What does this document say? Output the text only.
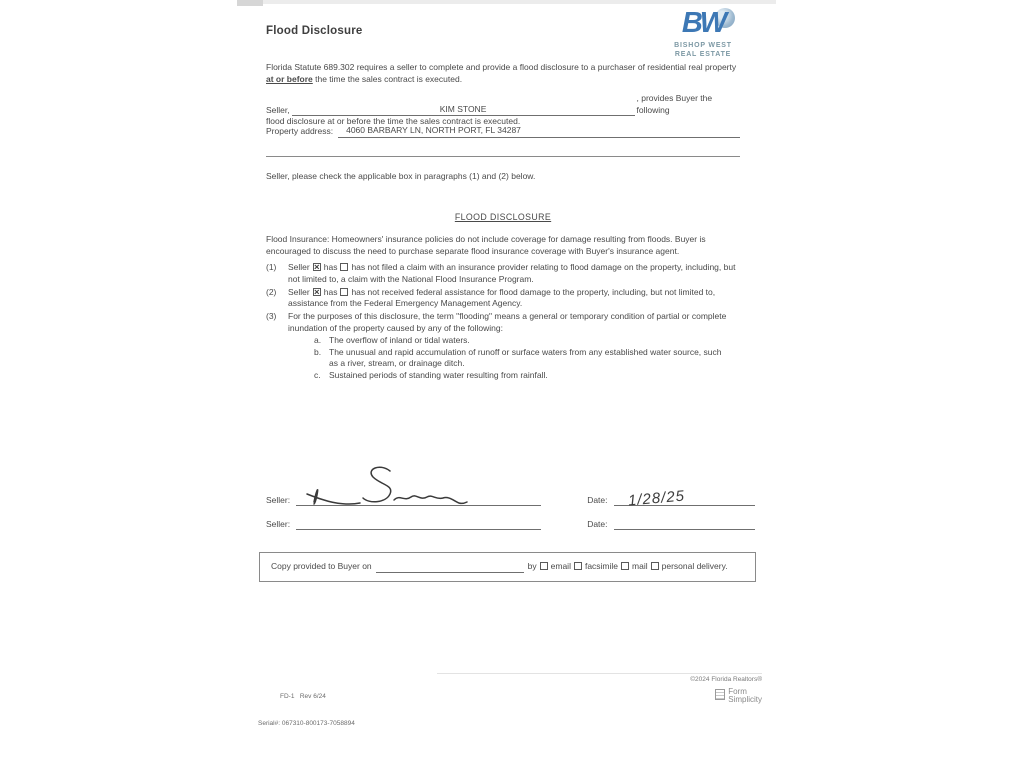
Flood Disclosure	BW
BISHOP WEST
REAL ESTATE
Florida Statute 689.302 requires a seller to complete and provide a flood disclosure to a purchaser of residential real property at or before the time the sales contract is executed.
Seller,	KIM STONE
, provides Buyer the following
flood disclosure at or before the time the sales contract is executed.
Property address:	4060 BARBARY LN, NORTH PORT, FL 34287
Seller, please check the applicable box in paragraphs (1) and (2) below.
FLOOD DISCLOSURE
Flood Insurance: Homeowners' insurance policies do not include coverage for damage resulting from floods. Buyer is encouraged to discuss the need to purchase separate flood insurance coverage with Buyer's insurance agent.
(1)	Seller × has has not filed a claim with an insurance provider relating to flood damage on the property, including, but not limited to, a claim with the National Flood Insurance Program.
(2)	Seller × has has not received federal assistance for flood damage to the property, including, but not limited to, assistance from the Federal Emergency Management Agency.
(3)	For the purposes of this disclosure, the term "flooding" means a general or temporary condition of partial or complete inundation of the property caused by any of the following:
a. The overflow of inland or tidal waters.
b. The unusual and rapid accumulation of runoff or surface waters from any established water source, such as a river, stream, or drainage ditch.
c. Sustained periods of standing water resulting from rainfall.
Seller:	Date: 1/28/25
Seller:	Date:
Copy provided to Buyer on	by	email	facsimile	mail	personal delivery.

FD-1   Rev 6/24

Serial#: 067310-800173-7058894

©2024 Florida Realtors®
Form
Simplicity
